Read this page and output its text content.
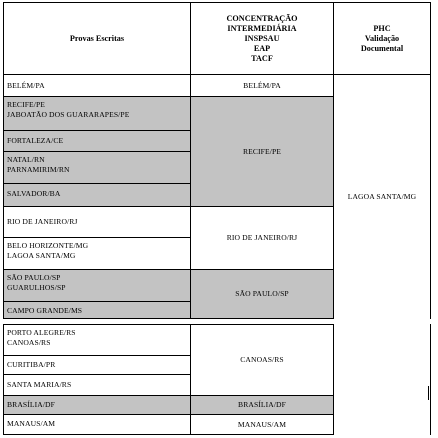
Provas Escritas
CONCENTRAÇÃO
INTERMEDIÁRIA
INSPSAU
EAP
TACF
PHC
Validação
Documental
BELÉM/PA
RECIFE/PE
JABOATÃO DOS GUARARAPES/PE
FORTALEZA/CE
NATAL/RN
PARNAMIRIM/RN
SALVADOR/BA
RIO DE JANEIRO/RJ
BELO HORIZONTE/MG
LAGOA SANTA/MG
SÃO PAULO/SP
GUARULHOS/SP
CAMPO GRANDE/MS
BELÉM/PA
RECIFE/PE
RIO DE JANEIRO/RJ
SÃO PAULO/SP
LAGOA SANTA/MG
PORTO ALEGRE/RS
CANOAS/RS
CURITIBA/PR
SANTA MARIA/RS
BRASÍLIA/DF
MANAUS/AM
CANOAS/RS
BRASÍLIA/DF
MANAUS/AM
